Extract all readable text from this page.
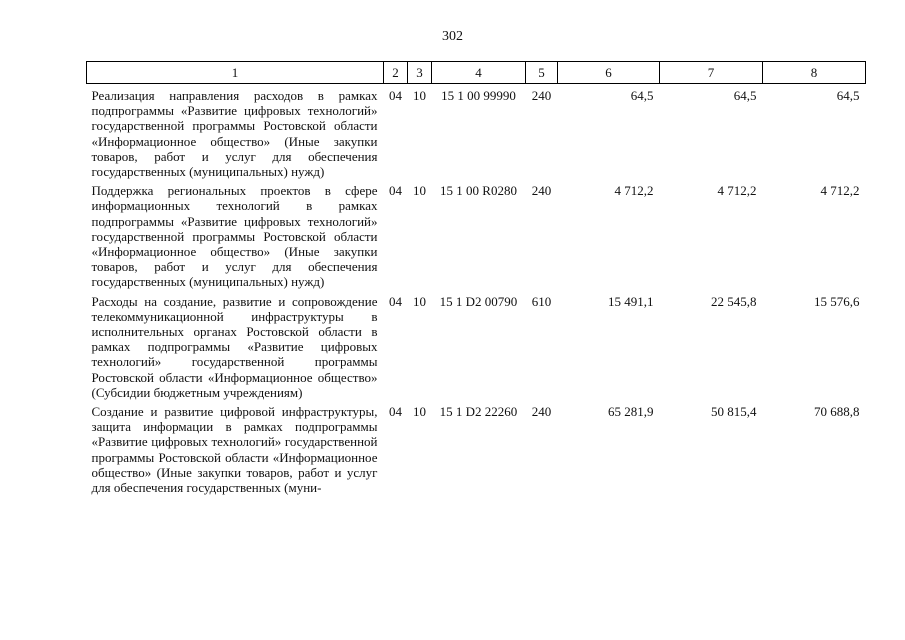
302
1	2	3	4	5	6	7	8
Реализация направления расходов в рамках подпрограммы «Развитие цифровых технологий» государственной программы Ростовской области «Информационное общество» (Иные закупки товаров, работ и услуг для обеспечения государственных (муниципальных) нужд)	04	10	15 1 00 99990	240	64,5	64,5	64,5
Поддержка региональных проектов в сфере информационных технологий в рамках подпрограммы «Развитие цифровых технологий» государственной программы Ростовской области «Информационное общество» (Иные закупки товаров, работ и услуг для обеспечения государственных (муниципальных) нужд)	04	10	15 1 00 R0280	240	4 712,2	4 712,2	4 712,2
Расходы на создание, развитие и сопровождение телекоммуникационной инфраструктуры в исполнительных органах Ростовской области в рамках подпрограммы «Развитие цифровых технологий» государственной программы Ростовской области «Информационное общество» (Субсидии бюджетным учреждениям)	04	10	15 1 D2 00790	610	15 491,1	22 545,8	15 576,6
Создание и развитие цифровой инфраструктуры, защита информации в рамках подпрограммы «Развитие цифровых технологий» государственной программы Ростовской области «Информационное общество» (Иные закупки товаров, работ и услуг для обеспечения государственных (муни-	04	10	15 1 D2 22260	240	65 281,9	50 815,4	70 688,8
